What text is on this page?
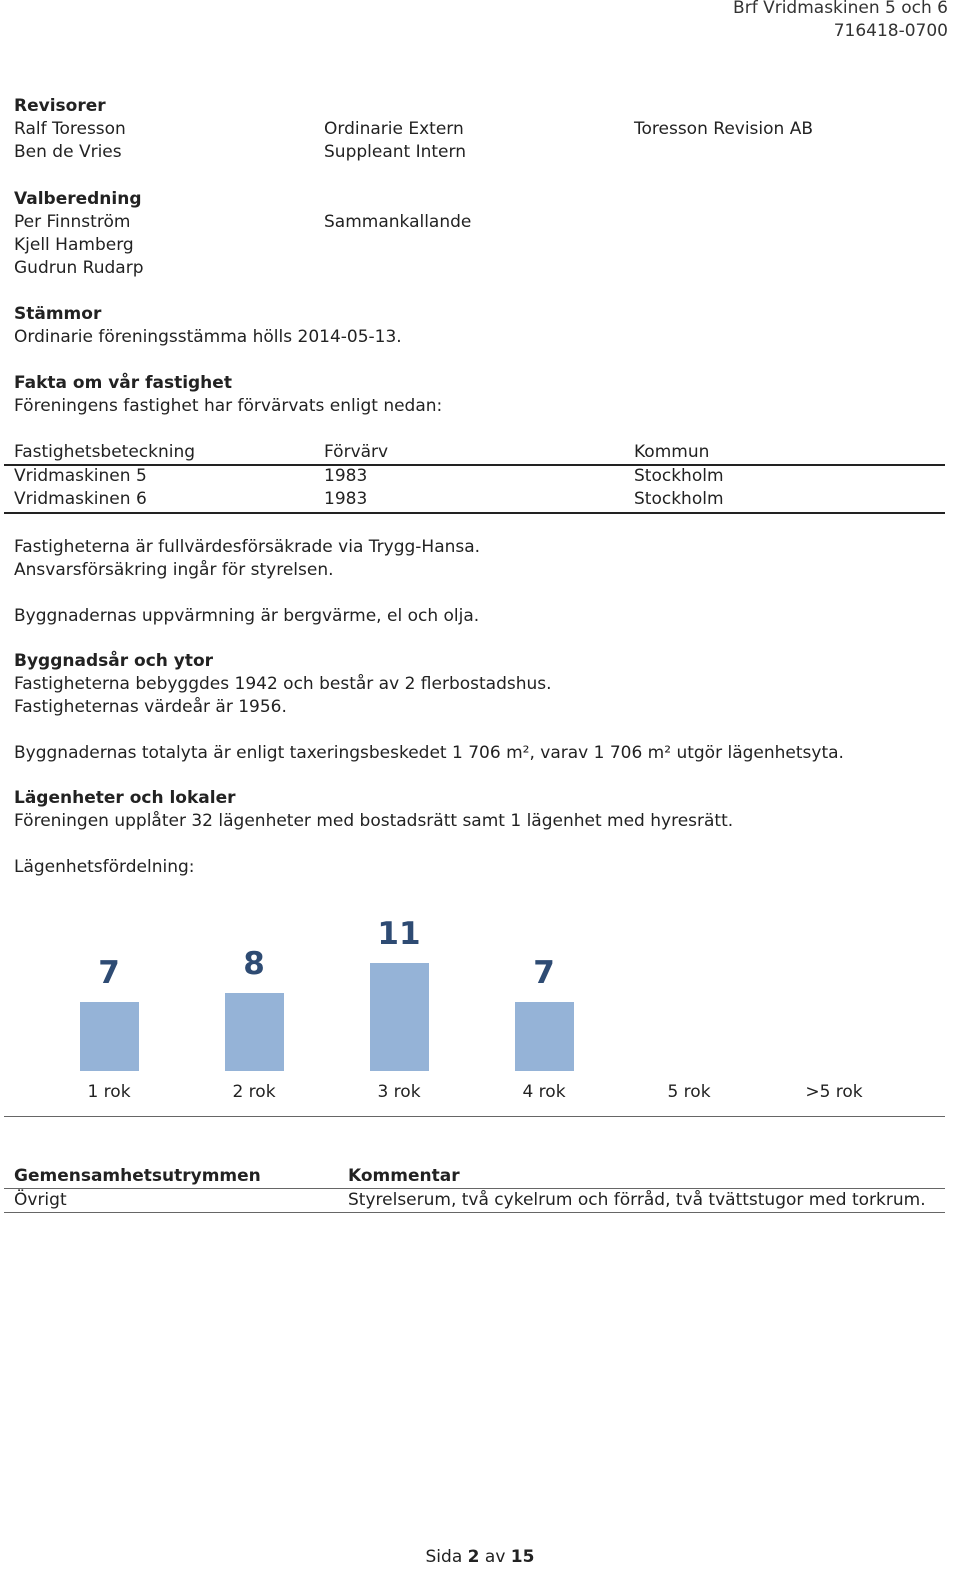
Brf Vridmaskinen 5 och 6
716418-0700
Revisorer
Ralf Toresson	Ordinarie Extern	Toresson Revision AB
Ben de Vries	Suppleant Intern
Valberedning
Per Finnström	Sammankallande
Kjell Hamberg
Gudrun Rudarp
Stämmor
Ordinarie föreningsstämma hölls 2014-05-13.
Fakta om vår fastighet
Föreningens fastighet har förvärvats enligt nedan:
Fastighetsbeteckning	Förvärv	Kommun
Vridmaskinen 5	1983	Stockholm
Vridmaskinen 6	1983	Stockholm
Fastigheterna är fullvärdesförsäkrade via Trygg-Hansa.
Ansvarsförsäkring ingår för styrelsen.
Byggnadernas uppvärmning är bergvärme, el och olja.
Byggnadsår och ytor
Fastigheterna bebyggdes 1942 och består av 2 flerbostadshus.
Fastigheternas värdeår är 1956.
Byggnadernas totalyta är enligt taxeringsbeskedet 1 706 m², varav 1 706 m² utgör lägenhetsyta.
Lägenheter och lokaler
Föreningen upplåter 32 lägenheter med bostadsrätt samt 1 lägenhet med hyresrätt.
Lägenhetsfördelning:
7
1 rok
8
2 rok
11
3 rok
7
4 rok	5 rok	>5 rok
Gemensamhetsutrymmen	Kommentar
Övrigt	Styrelserum, två cykelrum och förråd, två tvättstugor med torkrum.
Sida 2 av 15
